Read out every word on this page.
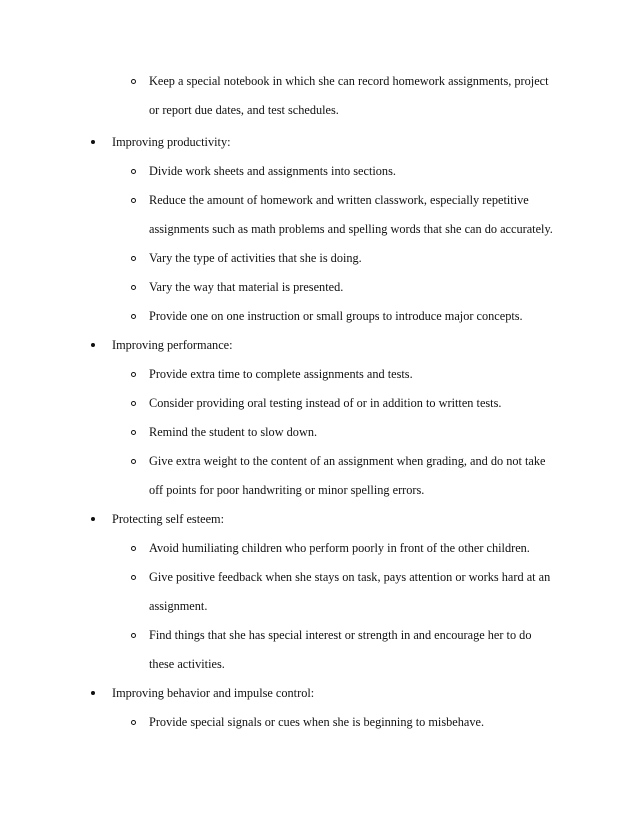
Keep a special notebook in which she can record homework assignments, project
or report due dates, and test schedules.
Improving productivity:
Divide work sheets and assignments into sections.
Reduce the amount of homework and written classwork, especially repetitive
assignments such as math problems and spelling words that she can do accurately.
Vary the type of activities that she is doing.
Vary the way that material is presented.
Provide one on one instruction or small groups to introduce major concepts.
Improving performance:
Provide extra time to complete assignments and tests.
Consider providing oral testing instead of or in addition to written tests.
Remind the student to slow down.
Give extra weight to the content of an assignment when grading, and do not take
off points for poor handwriting or minor spelling errors.
Protecting self esteem:
Avoid humiliating children who perform poorly in front of the other children.
Give positive feedback when she stays on task, pays attention or works hard at an
assignment.
Find things that she has special interest or strength in and encourage her to do
these activities.
Improving behavior and impulse control:
Provide special signals or cues when she is beginning to misbehave.
